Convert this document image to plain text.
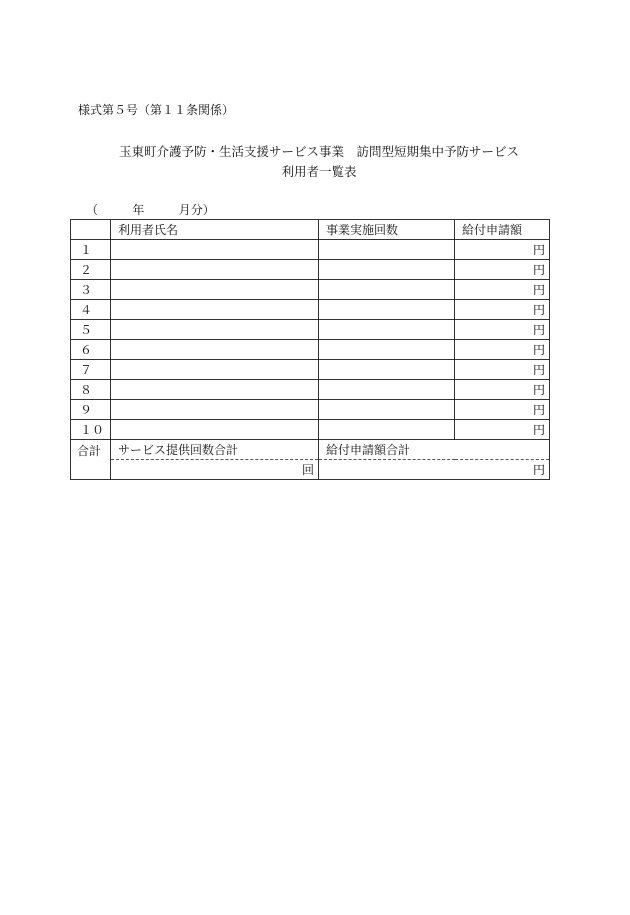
様式第５号（第１１条関係）
玉東町介護予防・生活支援サービス事業　訪問型短期集中予防サービス
利用者一覧表
（	年	月分）
	利用者氏名	事業実施回数	給付申請額
１			円
２			円
３			円
４			円
５			円
６			円
７			円
８			円
９			円
１０			円
合計	サービス提供回数合計	給付申請額合計	
	回	円	
